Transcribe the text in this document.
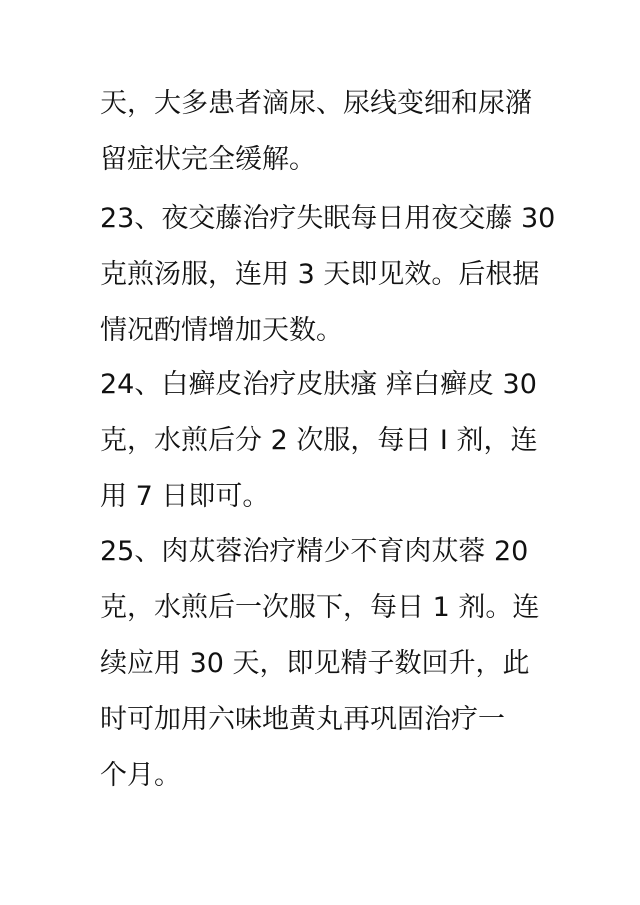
天，大多患者滴尿、尿线变细和尿潴
留症状完全缓解。

23、夜交藤治疗失眠每日用夜交藤 30
克煎汤服，连用 3 天即见效。后根据
情况酌情增加天数。

24、白癣皮治疗皮肤瘙 痒白癣皮 30
克，水煎后分 2 次服，每日 I 剂，连
用 7 日即可。

25、肉苁蓉治疗精少不育肉苁蓉 20
克，水煎后一次服下，每日 1 剂。连
续应用 30 天，即见精子数回升，此
时可加用六味地黄丸再巩固治疗一
个月。
